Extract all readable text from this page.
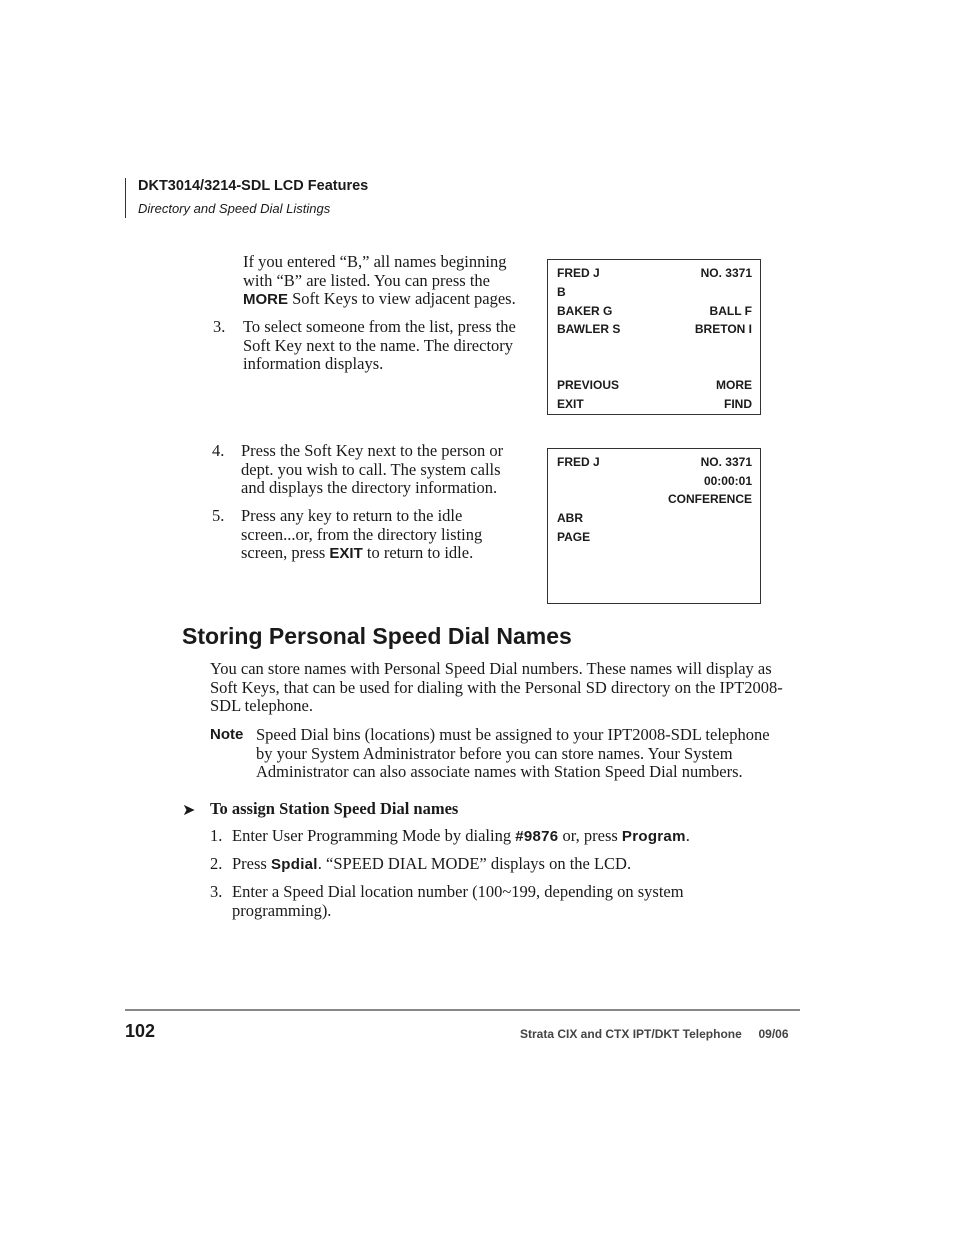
DKT3014/3214-SDL LCD Features
Directory and Speed Dial Listings
If you entered “B,” all names beginning
with “B” are listed. You can press the
MORE Soft Keys to view adjacent pages.
3. To select someone from the list, press the
Soft Key next to the name. The directory
information displays.
FRED J	NO. 3371
B
BAKER G	BALL F
BAWLER S	BRETON I
PREVIOUS	MORE
EXIT	FIND
4. Press the Soft Key next to the person or
dept. you wish to call. The system calls
and displays the directory information.
5. Press any key to return to the idle
screen...or, from the directory listing
screen, press EXIT to return to idle.
FRED J	NO. 3371
00:00:01
CONFERENCE
ABR
PAGE
Storing Personal Speed Dial Names
You can store names with Personal Speed Dial numbers. These names will display as
Soft Keys, that can be used for dialing with the Personal SD directory on the IPT2008-
SDL telephone.
Note Speed Dial bins (locations) must be assigned to your IPT2008-SDL telephone
by your System Administrator before you can store names. Your System
Administrator can also associate names with Station Speed Dial numbers.
➤ To assign Station Speed Dial names
1. Enter User Programming Mode by dialing #9876 or, press Program.
2. Press Spdial. “SPEED DIAL MODE” displays on the LCD.
3. Enter a Speed Dial location number (100~199, depending on system
programming).
102	Strata CIX and CTX IPT/DKT Telephone     09/06
